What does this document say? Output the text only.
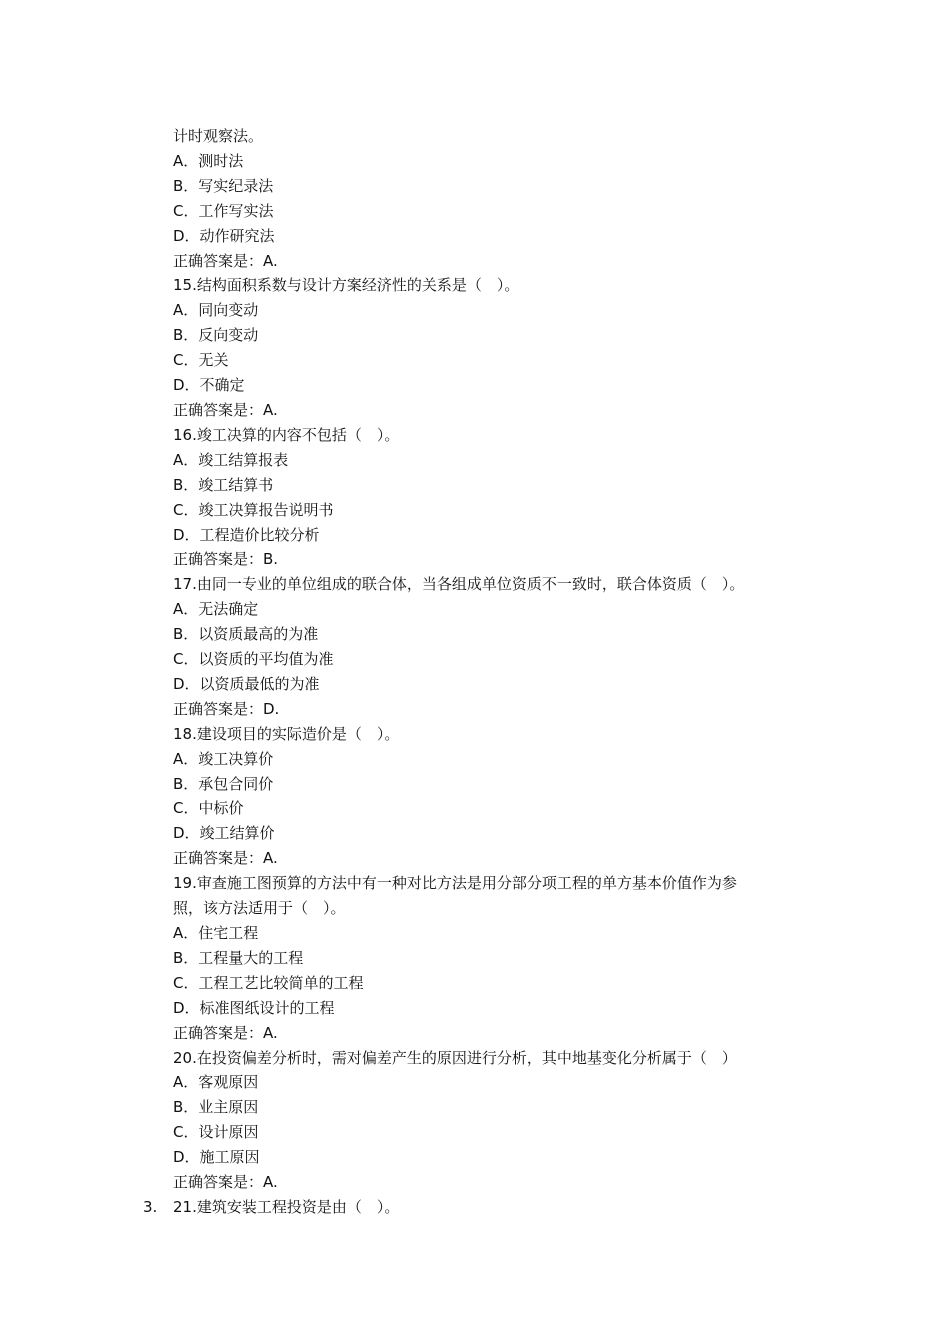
计时观察法。
A．测时法
B．写实纪录法
C．工作写实法
D．动作研究法
正确答案是：A.
15.结构面积系数与设计方案经济性的关系是（　）。
A．同向变动
B．反向变动
C．无关
D．不确定
正确答案是：A.
16.竣工决算的内容不包括（　）。
A．竣工结算报表
B．竣工结算书
C．竣工决算报告说明书
D．工程造价比较分析
正确答案是：B.
17.由同一专业的单位组成的联合体，当各组成单位资质不一致时，联合体资质（　）。
A．无法确定
B．以资质最高的为准
C．以资质的平均值为准
D．以资质最低的为准
正确答案是：D.
18.建设项目的实际造价是（　）。
A．竣工决算价
B．承包合同价
C．中标价
D．竣工结算价
正确答案是：A.
19.审查施工图预算的方法中有一种对比方法是用分部分项工程的单方基本价值作为参
照，该方法适用于（　）。
A．住宅工程
B．工程量大的工程
C．工程工艺比较简单的工程
D．标准图纸设计的工程
正确答案是：A.
20.在投资偏差分析时，需对偏差产生的原因进行分析，其中地基变化分析属于（　）
A．客观原因
B．业主原因
C．设计原因
D．施工原因
正确答案是：A.
3.	21.建筑安装工程投资是由（　）。
